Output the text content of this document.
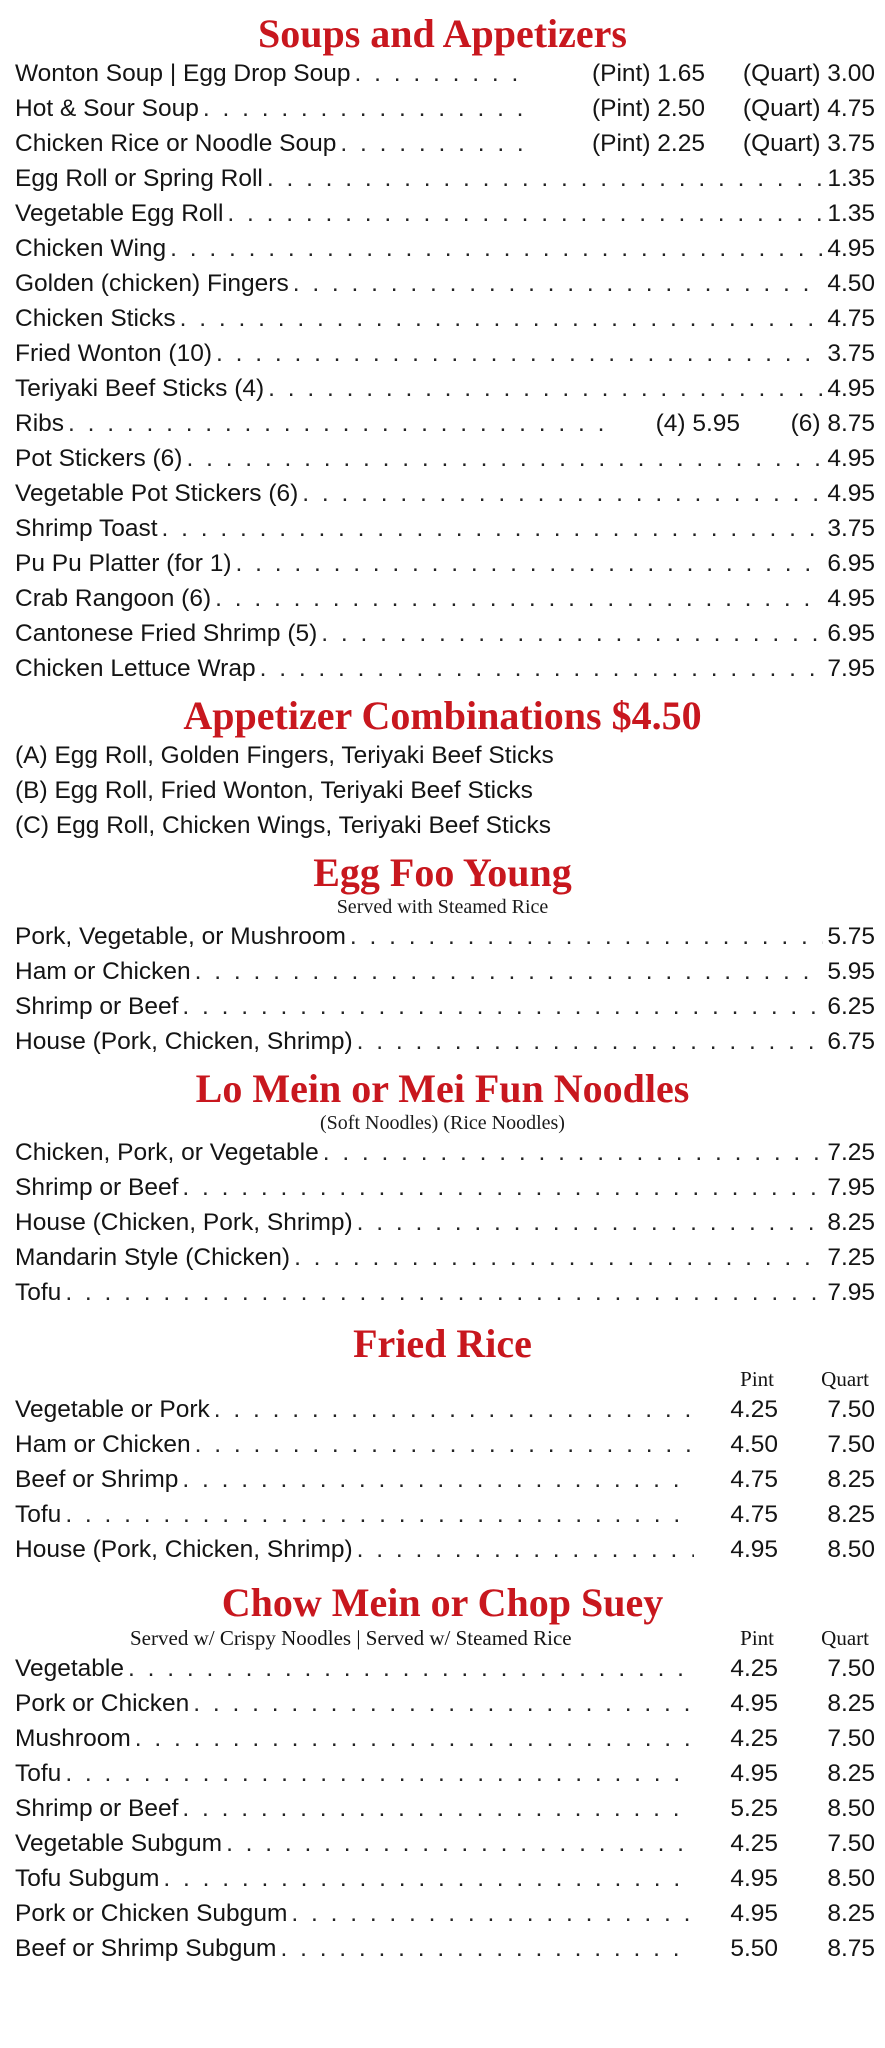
Soups and Appetizers
Wonton Soup | Egg Drop Soup . . .	(Pint) 1.65	(Quart) 3.00
Hot & Sour Soup . . .	(Pint) 2.50	(Quart) 4.75
Chicken Rice or Noodle Soup . . .	(Pint) 2.25	(Quart) 3.75
Egg Roll or Spring Roll . . .	1.35
Vegetable Egg Roll . . .	1.35
Chicken Wing . . .	4.95
Golden (chicken) Fingers . . .	4.50
Chicken Sticks . . .	4.75
Fried Wonton (10) . . .	3.75
Teriyaki Beef Sticks (4) . . .	4.95
Ribs . . .	(4) 5.95	(6) 8.75
Pot Stickers (6) . . .	4.95
Vegetable Pot Stickers (6) . . .	4.95
Shrimp Toast . . .	3.75
Pu Pu Platter (for 1) . . .	6.95
Crab Rangoon (6) . . .	4.95
Cantonese Fried Shrimp (5) . . .	6.95
Chicken Lettuce Wrap . . .	7.95
Appetizer Combinations $4.50
(A) Egg Roll, Golden Fingers, Teriyaki Beef Sticks
(B) Egg Roll, Fried Wonton, Teriyaki Beef Sticks
(C) Egg Roll, Chicken Wings, Teriyaki Beef Sticks
Egg Foo Young
Served with Steamed Rice
Pork, Vegetable, or Mushroom . . .	5.75
Ham or Chicken . . .	5.95
Shrimp or Beef . . .	6.25
House (Pork, Chicken, Shrimp) . . .	6.75
Lo Mein or Mei Fun Noodles
(Soft Noodles) (Rice Noodles)
Chicken, Pork, or Vegetable . . .	7.25
Shrimp or Beef . . .	7.95
House (Chicken, Pork, Shrimp) . . .	8.25
Mandarin Style (Chicken) . . .	7.25
Tofu . . .	7.95
Fried Rice
Pint	Quart
Vegetable or Pork . . .	4.25	7.50
Ham or Chicken . . .	4.50	7.50
Beef or Shrimp . . .	4.75	8.25
Tofu . . .	4.75	8.25
House (Pork, Chicken, Shrimp) . . .	4.95	8.50
Chow Mein or Chop Suey
Served w/ Crispy Noodles | Served w/ Steamed Rice	Pint	Quart
Vegetable . . .	4.25	7.50
Pork or Chicken . . .	4.95	8.25
Mushroom . . .	4.25	7.50
Tofu . . .	4.95	8.25
Shrimp or Beef . . .	5.25	8.50
Vegetable Subgum . . .	4.25	7.50
Tofu Subgum . . .	4.95	8.50
Pork or Chicken Subgum . . .	4.95	8.25
Beef or Shrimp Subgum . . .	5.50	8.75
